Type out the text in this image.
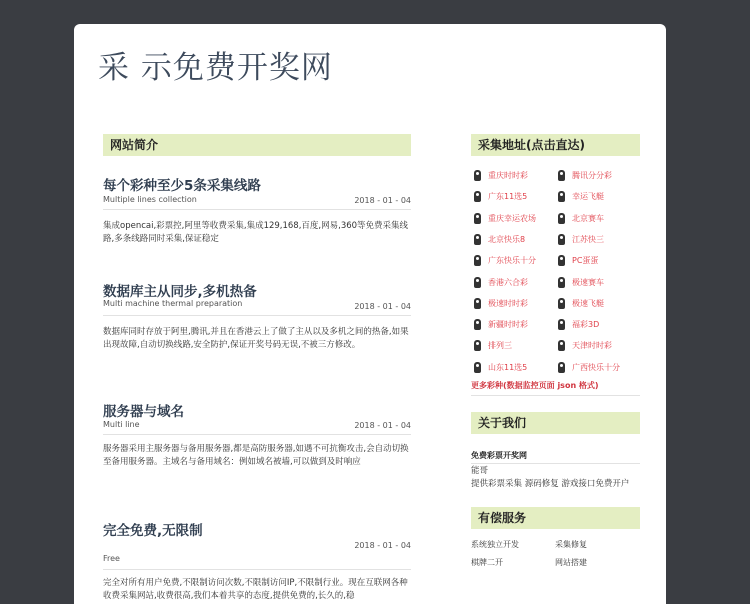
采 示免费开奖网
网站简介
每个彩种至少5条采集线路
Multiple lines collection	2018 - 01 - 04
集成opencai,彩票控,阿里等收费采集,集成129,168,百度,网易,360等免费采集线路,多条线路同时采集,保证稳定
数据库主从同步,多机热备
Multi machine thermal preparation	2018 - 01 - 04
数据库同时存放于阿里,腾讯,并且在香港云上了做了主从以及多机之间的热备,如果出现故障,自动切换线路,安全防护,保证开奖号码无误,不被三方修改。
服务器与域名
Multi line	2018 - 01 - 04
服务器采用主服务器与备用服务器,都是高防服务器,如遇不可抗衡攻击,会自动切换至备用服务器。主域名与备用域名：例如域名被墙,可以做到及时响应
完全免费,无限制
Free
2018 - 01 - 04
完全对所有用户免费,不限制访问次数,不限制访问IP,不限制行业。现在互联网各种收费采集网站,收费很高,我们本着共享的态度,提供免费的,长久的,稳
采集地址(点击直达)
重庆时时彩	腾讯分分彩
广东11选5	幸运飞艇
重庆幸运农场	北京赛车
北京快乐8	江苏快三
广东快乐十分	PC蛋蛋
香港六合彩	极速赛车
极速时时彩	极速飞艇
新疆时时彩	福彩3D
排列三	天津时时彩
山东11选5	广西快乐十分
更多彩种(数据监控页面 json 格式)
关于我们
免费彩票开奖网
能哥
提供彩票采集 源码修复 游戏接口免费开户
有偿服务
系统独立开发	采集修复
棋牌二开	网站搭建
